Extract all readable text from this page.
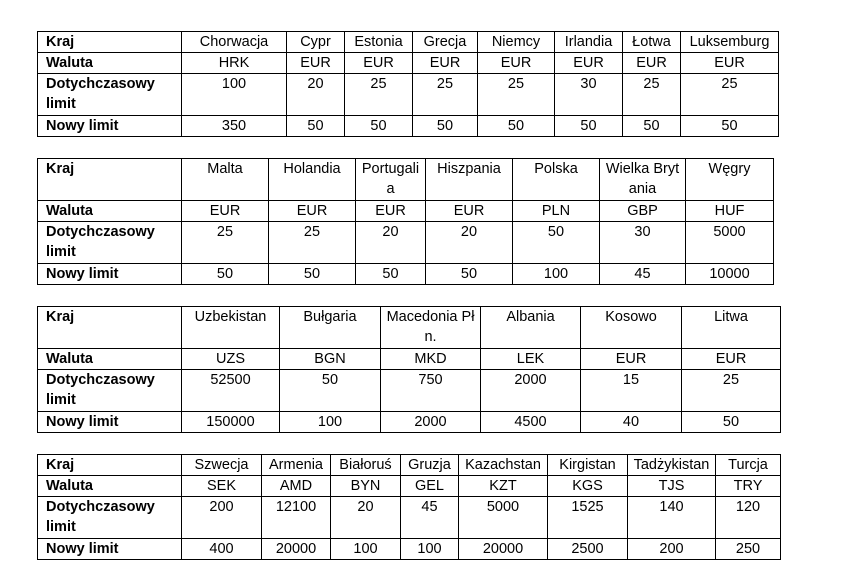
Kraj	Chorwacja	Cypr	Estonia	Grecja	Niemcy	Irlandia	Łotwa	Luksemburg
Waluta	HRK	EUR	EUR	EUR	EUR	EUR	EUR	EUR
Dotychczasowy limit	100	20	25	25	25	30	25	25
Nowy limit	350	50	50	50	50	50	50	50
Kraj	Malta	Holandia	Portugalia	Hiszpania	Polska	Wielka Brytania	Węgry
Waluta	EUR	EUR	EUR	EUR	PLN	GBP	HUF
Dotychczasowy limit	25	25	20	20	50	30	5000
Nowy limit	50	50	50	50	100	45	10000
Kraj	Uzbekistan	Bułgaria	Macedonia Płn.	Albania	Kosowo	Litwa
Waluta	UZS	BGN	MKD	LEK	EUR	EUR
Dotychczasowy limit	52500	50	750	2000	15	25
Nowy limit	150000	100	2000	4500	40	50
Kraj	Szwecja	Armenia	Białoruś	Gruzja	Kazachstan	Kirgistan	Tadżykistan	Turcja
Waluta	SEK	AMD	BYN	GEL	KZT	KGS	TJS	TRY
Dotychczasowy limit	200	12100	20	45	5000	1525	140	120
Nowy limit	400	20000	100	100	20000	2500	200	250
